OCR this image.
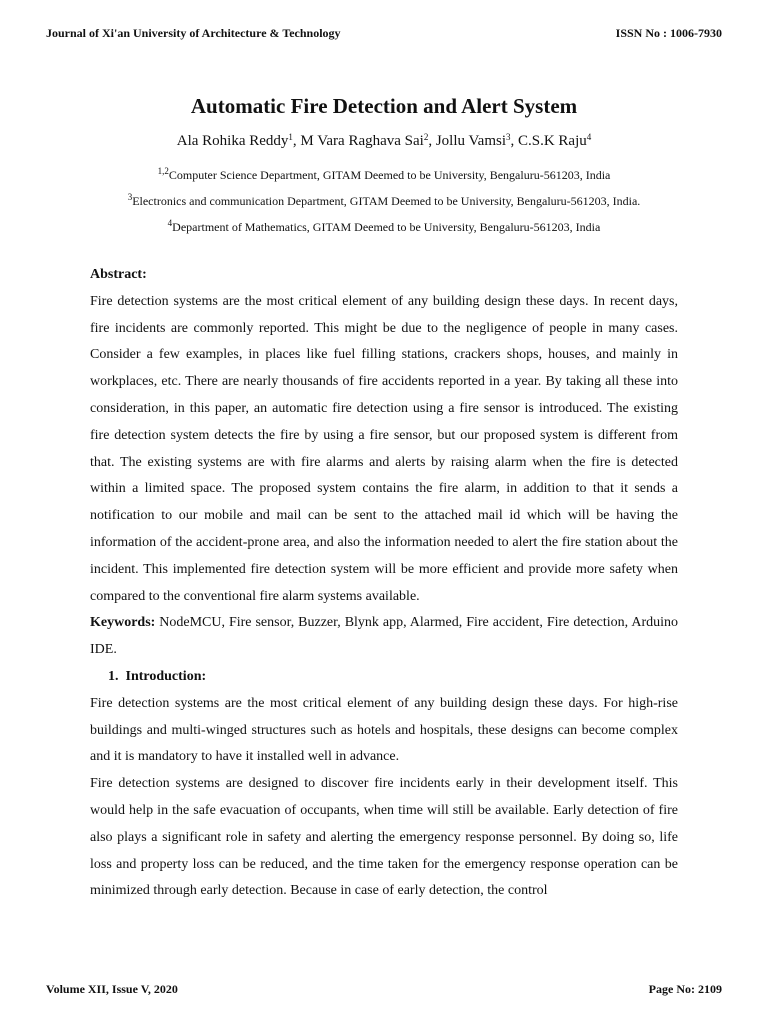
Journal of Xi'an University of Architecture & Technology	ISSN No : 1006-7930
Automatic Fire Detection and Alert System
Ala Rohika Reddy$^1$, M Vara Raghava Sai$^2$, Jollu Vamsi$^3$, C.S.K Raju$^4$
$^{1,2}$Computer Science Department, GITAM Deemed to be University, Bengaluru-561203, India
$^3$Electronics and communication Department, GITAM Deemed to be University, Bengaluru-561203, India.
$^4$Department of Mathematics, GITAM Deemed to be University, Bengaluru-561203, India
Abstract:

Fire detection systems are the most critical element of any building design these days. In recent days, fire incidents are commonly reported. This might be due to the negligence of people in many cases. Consider a few examples, in places like fuel filling stations, crackers shops, houses, and mainly in workplaces, etc. There are nearly thousands of fire accidents reported in a year. By taking all these into consideration, in this paper, an automatic fire detection using a fire sensor is introduced. The existing fire detection system detects the fire by using a fire sensor, but our proposed system is different from that. The existing systems are with fire alarms and alerts by raising alarm when the fire is detected within a limited space. The proposed system contains the fire alarm, in addition to that it sends a notification to our mobile and mail can be sent to the attached mail id which will be having the information of the accident-prone area, and also the information needed to alert the fire station about the incident. This implemented fire detection system will be more efficient and provide more safety when compared to the conventional fire alarm systems available.

Keywords: NodeMCU, Fire sensor, Buzzer, Blynk app, Alarmed, Fire accident, Fire detection, Arduino IDE.

1.  Introduction:

Fire detection systems are the most critical element of any building design these days. For high-rise buildings and multi-winged structures such as hotels and hospitals, these designs can become complex and it is mandatory to have it installed well in advance.

Fire detection systems are designed to discover fire incidents early in their development itself. This would help in the safe evacuation of occupants, when time will still be available. Early detection of fire also plays a significant role in safety and alerting the emergency response personnel. By doing so, life loss and property loss can be reduced, and the time taken for the emergency response operation can be minimized through early detection. Because in case of early detection, the control

Volume XII, Issue V, 2020	Page No: 2109
